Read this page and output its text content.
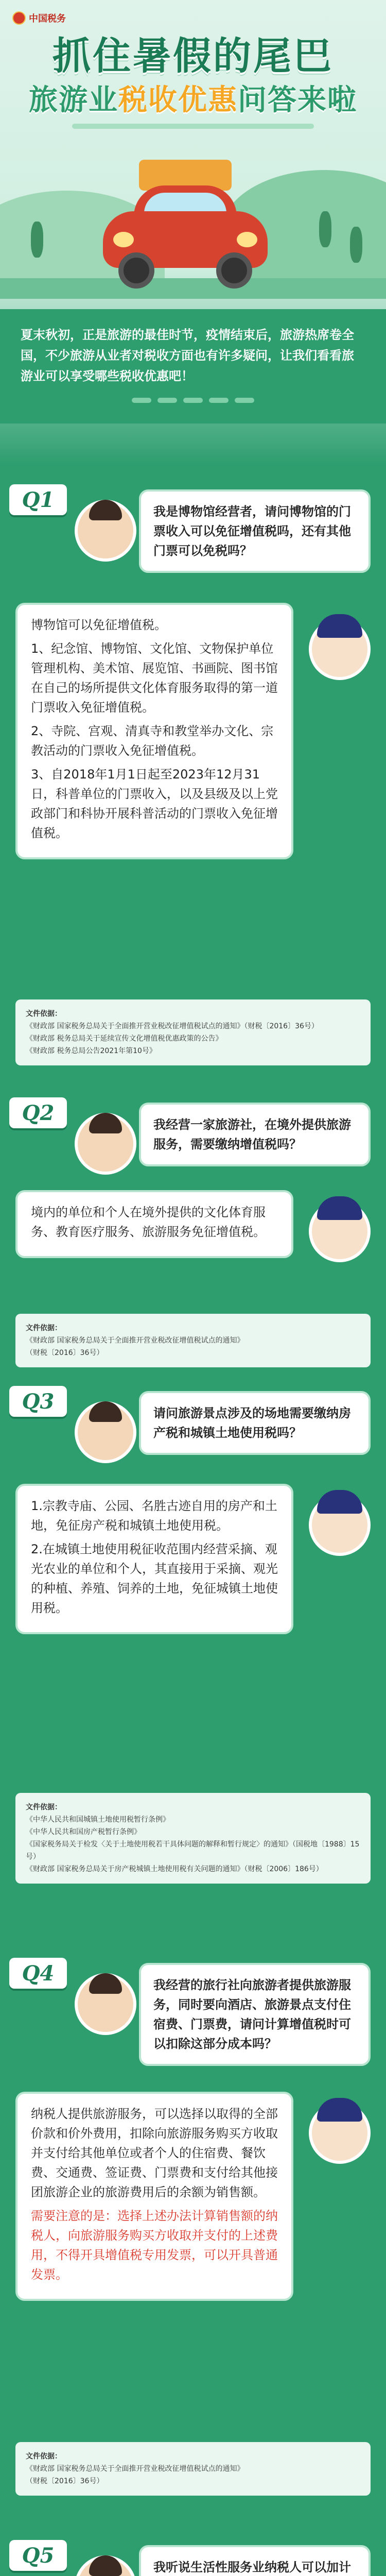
中国税务
抓住暑假的尾巴
旅游业税收优惠问答来啦
夏末秋初，正是旅游的最佳时节，疫情结束后，旅游热席卷全国，不少旅游从业者对税收方面也有许多疑问，让我们看看旅游业可以享受哪些税收优惠吧！
Q1	我是博物馆经营者，请问博物馆的门票收入可以免征增值税吗，还有其他门票可以免税吗？

博物馆可以免征增值税。

1、纪念馆、博物馆、文化馆、文物保护单位管理机构、美术馆、展览馆、书画院、图书馆在自己的场所提供文化体育服务取得的第一道门票收入免征增值税。

2、寺院、宫观、清真寺和教堂举办文化、宗教活动的门票收入免征增值税。

3、自2018年1月1日起至2023年12月31日，科普单位的门票收入，以及县级及以上党政部门和科协开展科普活动的门票收入免征增值税。

文件依据：
《财政部 国家税务总局关于全面推开营业税改征增值税试点的通知》（财税〔2016〕36号）
《财政部 税务总局关于延续宣传文化增值税优惠政策的公告》
《财政部 税务总局公告2021年第10号》
Q2	我经营一家旅游社，在境外提供旅游服务，需要缴纳增值税吗？

境内的单位和个人在境外提供的文化体育服务、教育医疗服务、旅游服务免征增值税。

文件依据：
《财政部 国家税务总局关于全面推开营业税改征增值税试点的通知》
（财税〔2016〕36号）
Q3	请问旅游景点涉及的场地需要缴纳房产税和城镇土地使用税吗？

1.宗教寺庙、公园、名胜古迹自用的房产和土地，免征房产税和城镇土地使用税。

2.在城镇土地使用税征收范围内经营采摘、观光农业的单位和个人，其直接用于采摘、观光的种植、养殖、饲养的土地，免征城镇土地使用税。

文件依据：
《中华人民共和国城镇土地使用税暂行条例》
《中华人民共和国房产税暂行条例》
《国家税务局关于检发〈关于土地使用税若干具体问题的解释和暂行规定〉的通知》（国税地〔1988〕15号）
《财政部 国家税务总局关于房产税城镇土地使用税有关问题的通知》（财税〔2006〕186号）
Q4	我经营的旅行社向旅游者提供旅游服务，同时要向酒店、旅游景点支付住宿费、门票费，请问计算增值税时可以扣除这部分成本吗？

纳税人提供旅游服务，可以选择以取得的全部价款和价外费用，扣除向旅游服务购买方收取并支付给其他单位或者个人的住宿费、餐饮费、交通费、签证费、门票费和支付给其他接团旅游企业的旅游费用后的余额为销售额。

需要注意的是：选择上述办法计算销售额的纳税人，向旅游服务购买方收取并支付的上述费用，不得开具增值税专用发票，可以开具普通发票。

文件依据：
《财政部 国家税务总局关于全面推开营业税改征增值税试点的通知》
（财税〔2016〕36号）
Q5	我听说生活性服务业纳税人可以加计
